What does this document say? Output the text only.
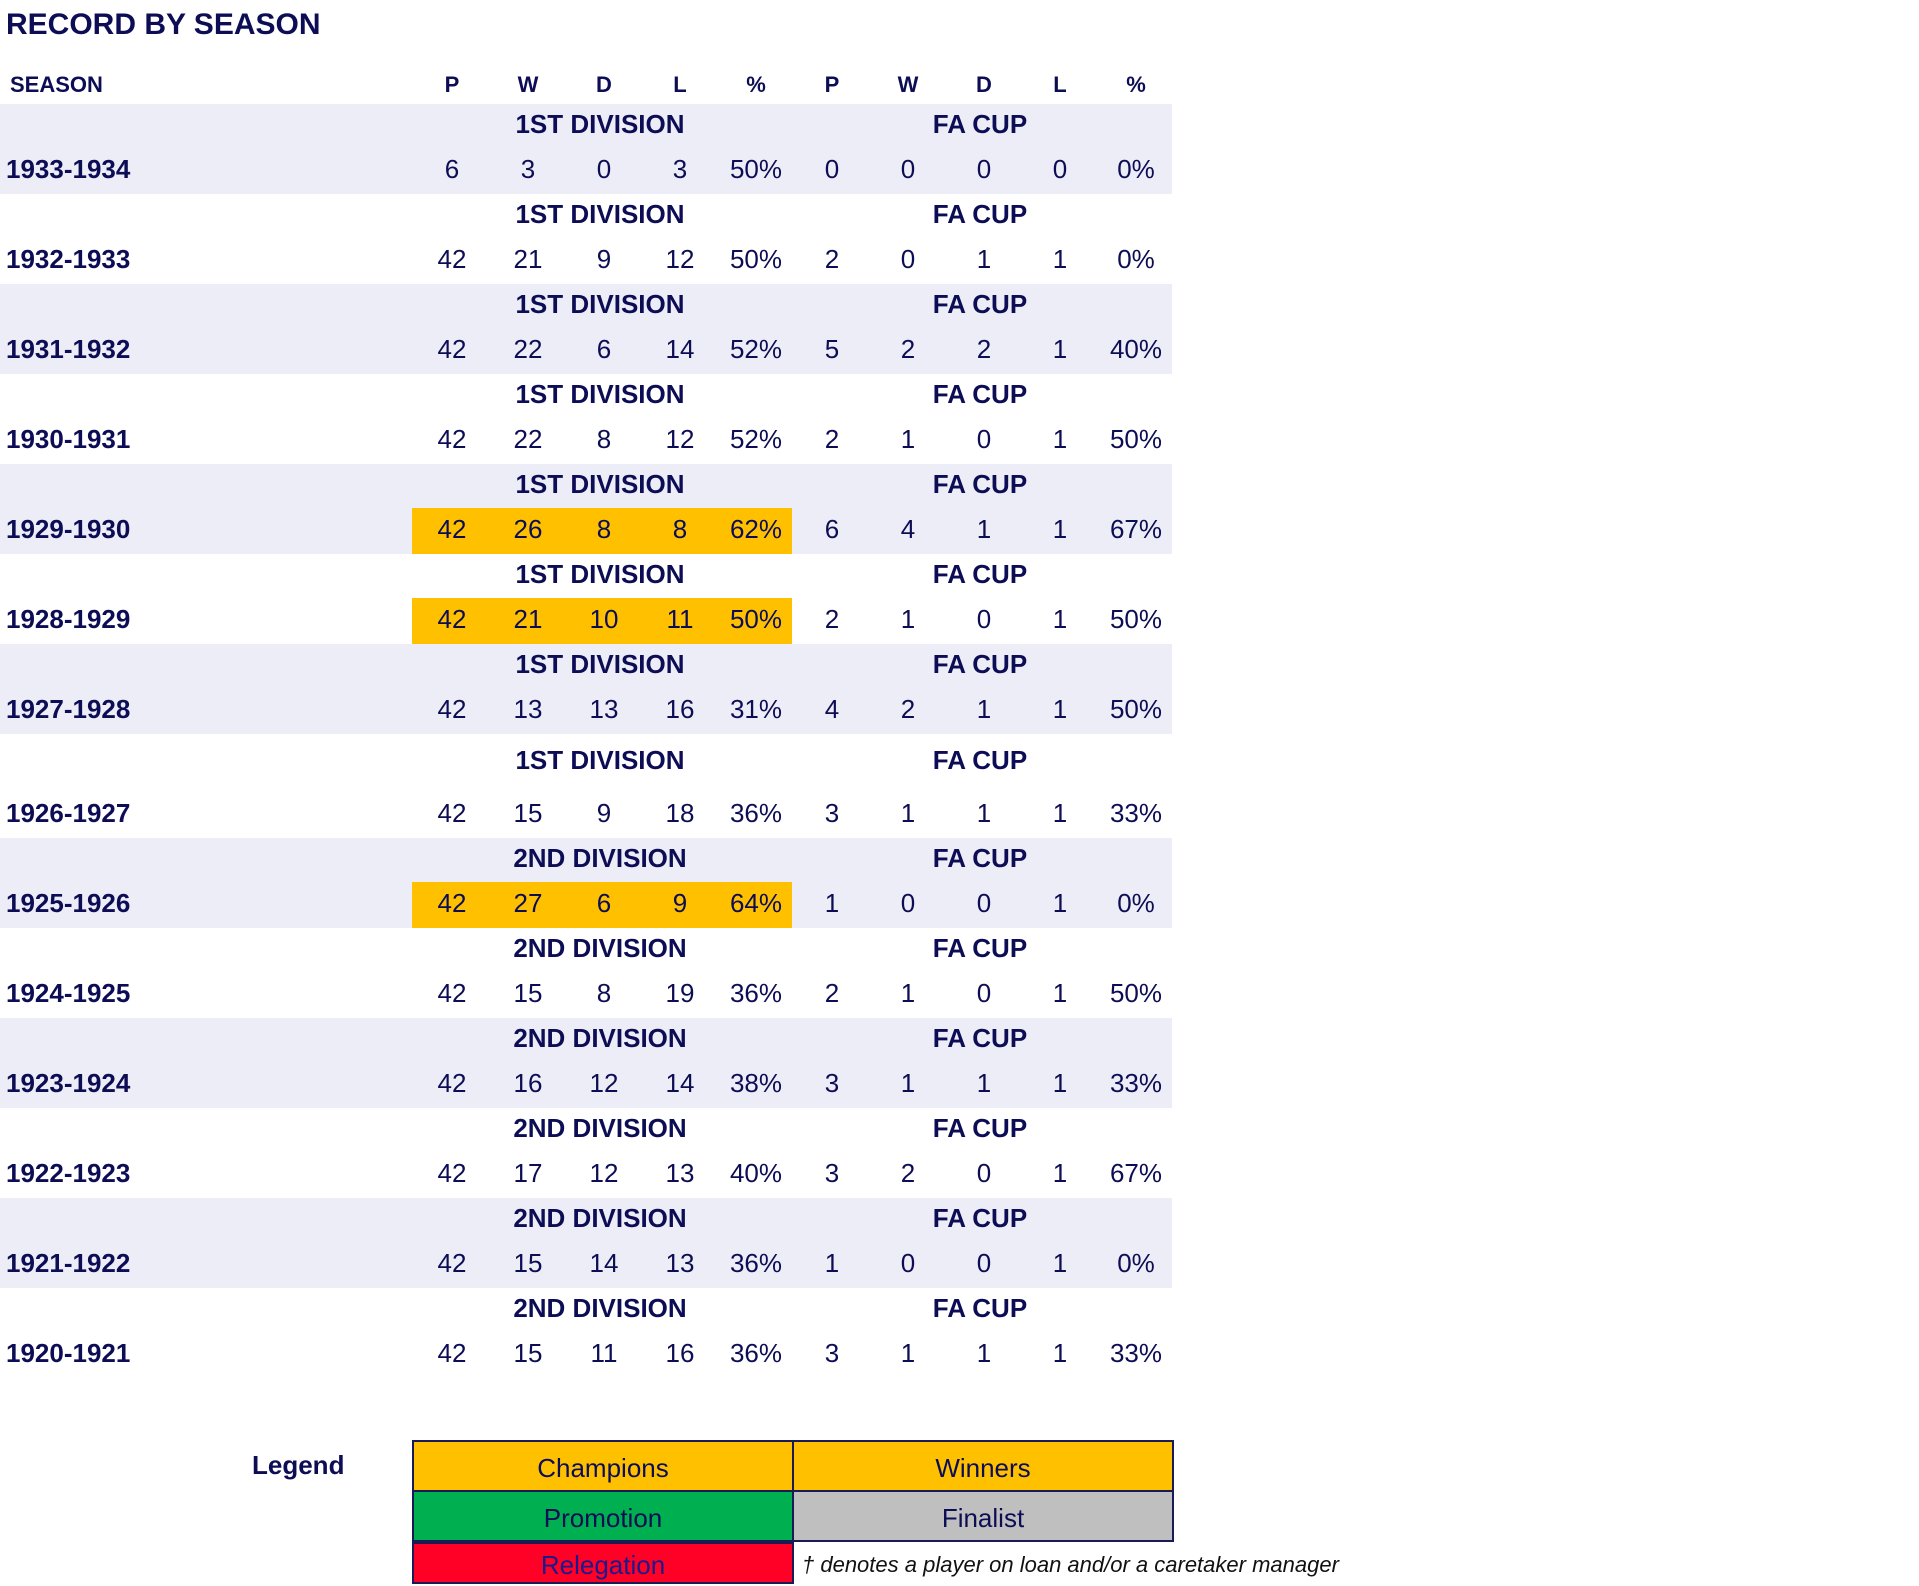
RECORD BY SEASON
SEASON	P	W	D	L	%	P	W	D	L	%
1ST DIVISION	FA CUP
1933-1934	6	3	0	3	50%	0	0	0	0	0%
1ST DIVISION	FA CUP
1932-1933	42	21	9	12	50%	2	0	1	1	0%
1ST DIVISION	FA CUP
1931-1932	42	22	6	14	52%	5	2	2	1	40%
1ST DIVISION	FA CUP
1930-1931	42	22	8	12	52%	2	1	0	1	50%
1ST DIVISION	FA CUP
1929-1930	42	26	8	8	62%	6	4	1	1	67%
1ST DIVISION	FA CUP
1928-1929	42	21	10	11	50%	2	1	0	1	50%
1ST DIVISION	FA CUP
1927-1928	42	13	13	16	31%	4	2	1	1	50%
1ST DIVISION	FA CUP
1926-1927	42	15	9	18	36%	3	1	1	1	33%
2ND DIVISION	FA CUP
1925-1926	42	27	6	9	64%	1	0	0	1	0%
2ND DIVISION	FA CUP
1924-1925	42	15	8	19	36%	2	1	0	1	50%
2ND DIVISION	FA CUP
1923-1924	42	16	12	14	38%	3	1	1	1	33%
2ND DIVISION	FA CUP
1922-1923	42	17	12	13	40%	3	2	0	1	67%
2ND DIVISION	FA CUP
1921-1922	42	15	14	13	36%	1	0	0	1	0%
2ND DIVISION	FA CUP
1920-1921	42	15	11	16	36%	3	1	1	1	33%
Legend	Champions	Winners
Promotion	Finalist
Relegation	† denotes a player on loan and/or a caretaker manager
